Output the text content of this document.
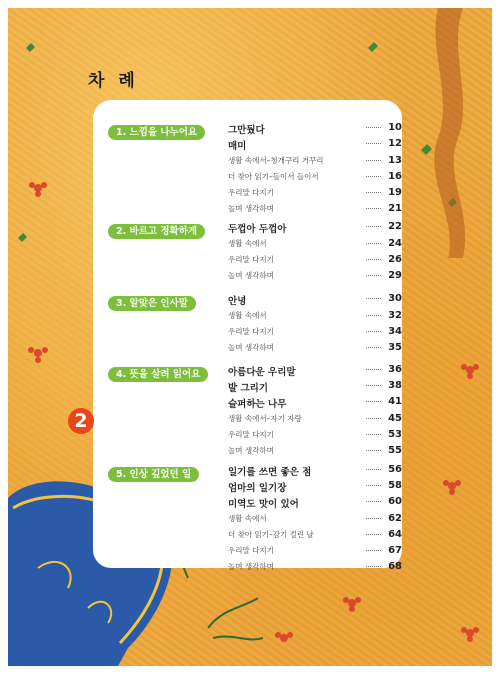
차 례
1. 느낌을 나누어요	그만뒀다	10
매미	12
생활 속에서–청개구리 거꾸리	13
더 찾아 읽기–들이서 들이서	16
우리말 다지기	19
놀며 생각하며	21
2. 바르고 정확하게	두껍아 두껍아	22
생활 속에서	24
우리말 다지기	26
놀며 생각하며	29
3. 알맞은 인사말	안녕	30
생활 속에서	32
우리말 다지기	34
놀며 생각하며	35
4. 뜻을 살려 읽어요	아름다운 우리말	36
발 그리기	38
슬퍼하는 나무	41
생활 속에서–자기 자랑	45
우리말 다지기	53
놀며 생각하며	55
5. 인상 깊었던 일	일기를 쓰면 좋은 점	56
엄마의 일기장	58
미역도 맛이 있어	60
생활 속에서	62
더 찾아 읽기–감기 걸린 날	64
우리말 다지기	67
놀며 생각하며	68
2 –가
